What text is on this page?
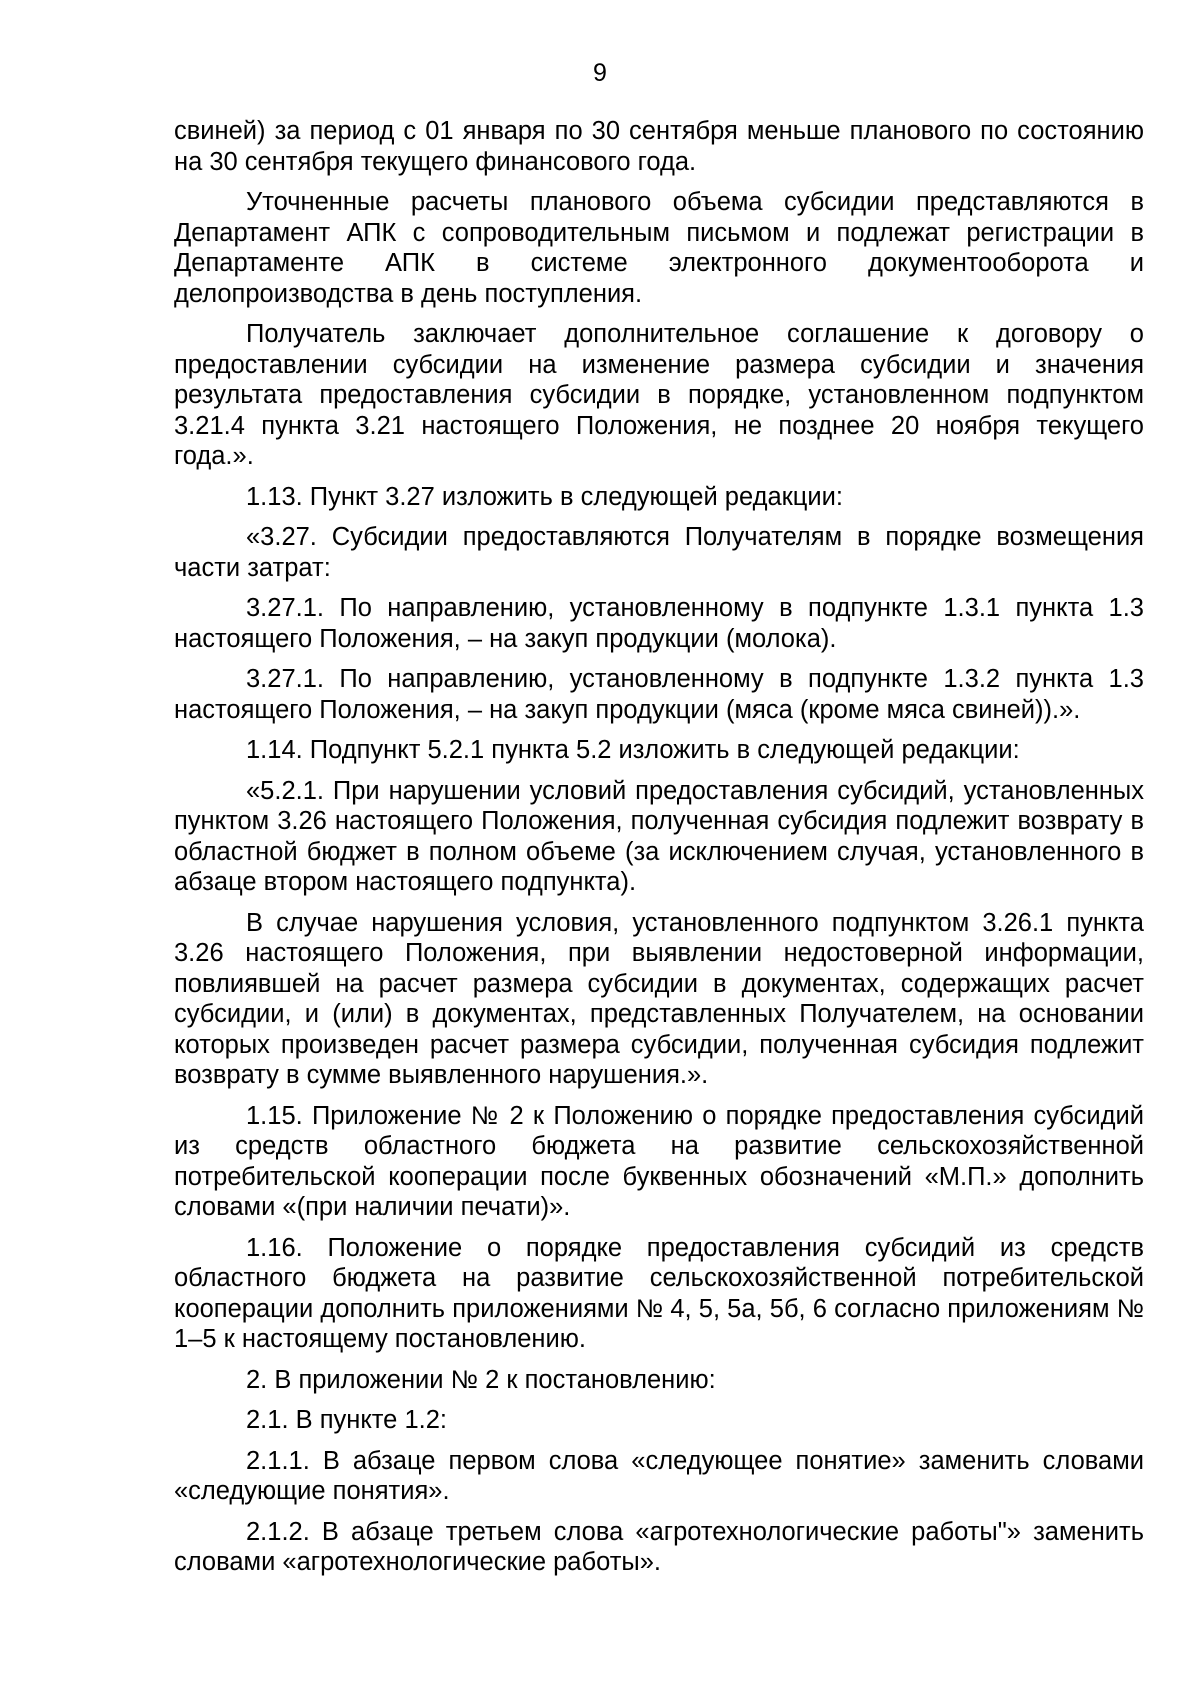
9

свиней) за период с 01 января по 30 сентября меньше планового по состоянию на 30 сентября текущего финансового года.

Уточненные расчеты планового объема субсидии представляются в Департамент АПК с сопроводительным письмом и подлежат регистрации в Департаменте АПК в системе электронного документооборота и делопроизводства в день поступления.

Получатель заключает дополнительное соглашение к договору о предоставлении субсидии на изменение размера субсидии и значения результата предоставления субсидии в порядке, установленном подпунктом 3.21.4 пункта 3.21 настоящего Положения, не позднее 20 ноября текущего года.».

1.13. Пункт 3.27 изложить в следующей редакции:

«3.27. Субсидии предоставляются Получателям в порядке возмещения части затрат:

3.27.1. По направлению, установленному в подпункте 1.3.1 пункта 1.3 настоящего Положения, – на закуп продукции (молока).

3.27.1. По направлению, установленному в подпункте 1.3.2 пункта 1.3 настоящего Положения, – на закуп продукции (мяса (кроме мяса свиней)).».

1.14. Подпункт 5.2.1 пункта 5.2 изложить в следующей редакции:

«5.2.1. При нарушении условий предоставления субсидий, установленных пунктом 3.26 настоящего Положения, полученная субсидия подлежит возврату в областной бюджет в полном объеме (за исключением случая, установленного в абзаце втором настоящего подпункта).

В случае нарушения условия, установленного подпунктом 3.26.1 пункта 3.26 настоящего Положения, при выявлении недостоверной информации, повлиявшей на расчет размера субсидии в документах, содержащих расчет субсидии, и (или) в документах, представленных Получателем, на основании которых произведен расчет размера субсидии, полученная субсидия подлежит возврату в сумме выявленного нарушения.».

1.15. Приложение № 2 к Положению о порядке предоставления субсидий из средств областного бюджета на развитие сельскохозяйственной потребительской кооперации после буквенных обозначений «М.П.» дополнить словами «(при наличии печати)».

1.16. Положение о порядке предоставления субсидий из средств областного бюджета на развитие сельскохозяйственной потребительской кооперации дополнить приложениями № 4, 5, 5а, 5б, 6 согласно приложениям № 1–5 к настоящему постановлению.

2. В приложении № 2 к постановлению:

2.1. В пункте 1.2:

2.1.1. В абзаце первом слова «следующее понятие» заменить словами «следующие понятия».

2.1.2. В абзаце третьем слова «агротехнологические работы"» заменить словами «агротехнологические работы».
